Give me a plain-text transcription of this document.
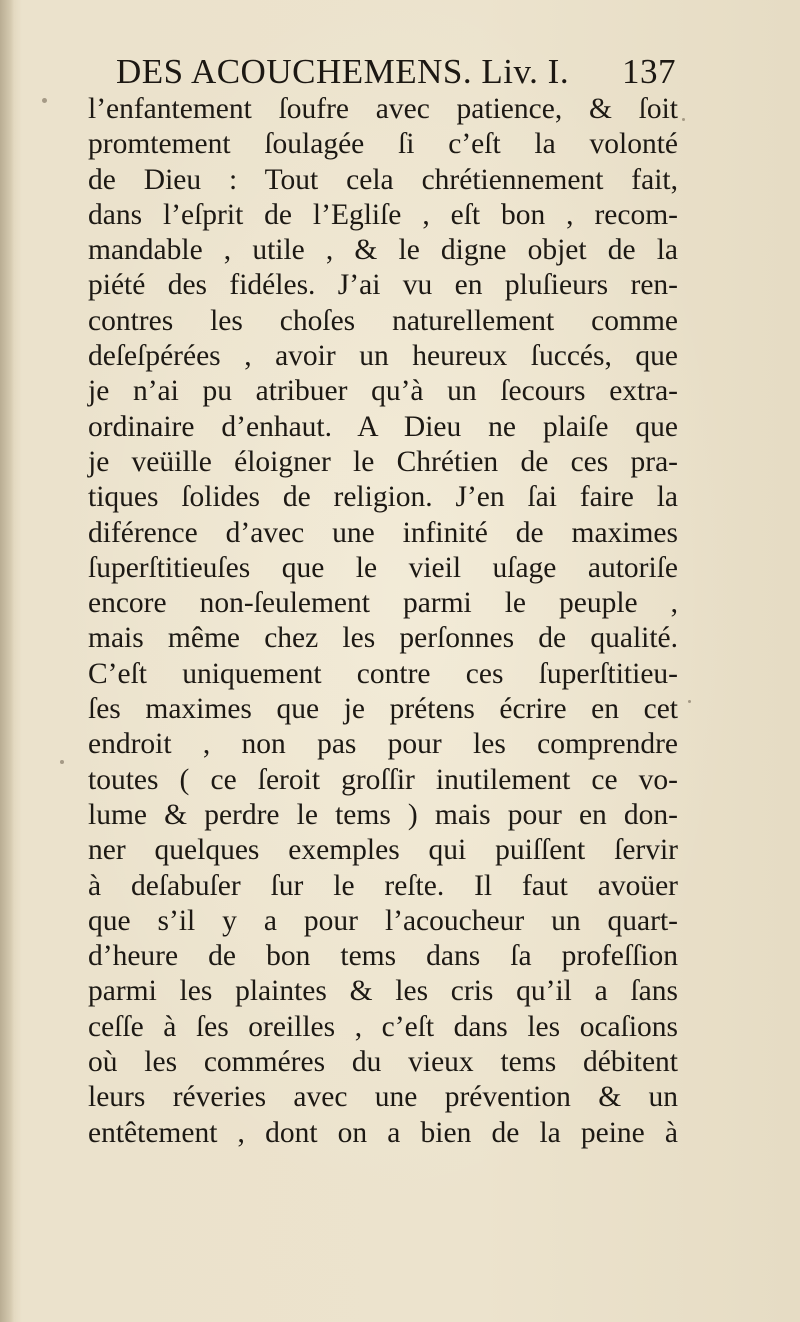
DES ACOUCHEMENS. Liv. I. 137
l’enfantement ſoufre avec patience, & ſoit
promtement ſoulagée ſi c’eſt la volonté
de Dieu : Tout cela chrétiennement fait,
dans l’eſprit de l’Egliſe , eſt bon , recom-
mandable , utile , & le digne objet de la
piété des fidéles. J’ai vu en pluſieurs ren-
contres les choſes naturellement comme
deſeſpérées , avoir un heureux ſuccés, que
je n’ai pu atribuer qu’à un ſecours extra-
ordinaire d’enhaut. A Dieu ne plaiſe que
je veüille éloigner le Chrétien de ces pra-
tiques ſolides de religion. J’en ſai faire la
diférence d’avec une infinité de maximes
ſuperſtitieuſes que le vieil uſage autoriſe
encore non-ſeulement parmi le peuple ,
mais même chez les perſonnes de qualité.
C’eſt uniquement contre ces ſuperſtitieu-
ſes maximes que je prétens écrire en cet
endroit , non pas pour les comprendre
toutes ( ce ſeroit groſſir inutilement ce vo-
lume & perdre le tems ) mais pour en don-
ner quelques exemples qui puiſſent ſervir
à deſabuſer ſur le reſte. Il faut avoüer
que s’il y a pour l’acoucheur un quart-
d’heure de bon tems dans ſa profeſſion
parmi les plaintes & les cris qu’il a ſans
ceſſe à ſes oreilles , c’eſt dans les ocaſions
où les comméres du vieux tems débitent
leurs réveries avec une prévention & un
entêtement , dont on a bien de la peine à
